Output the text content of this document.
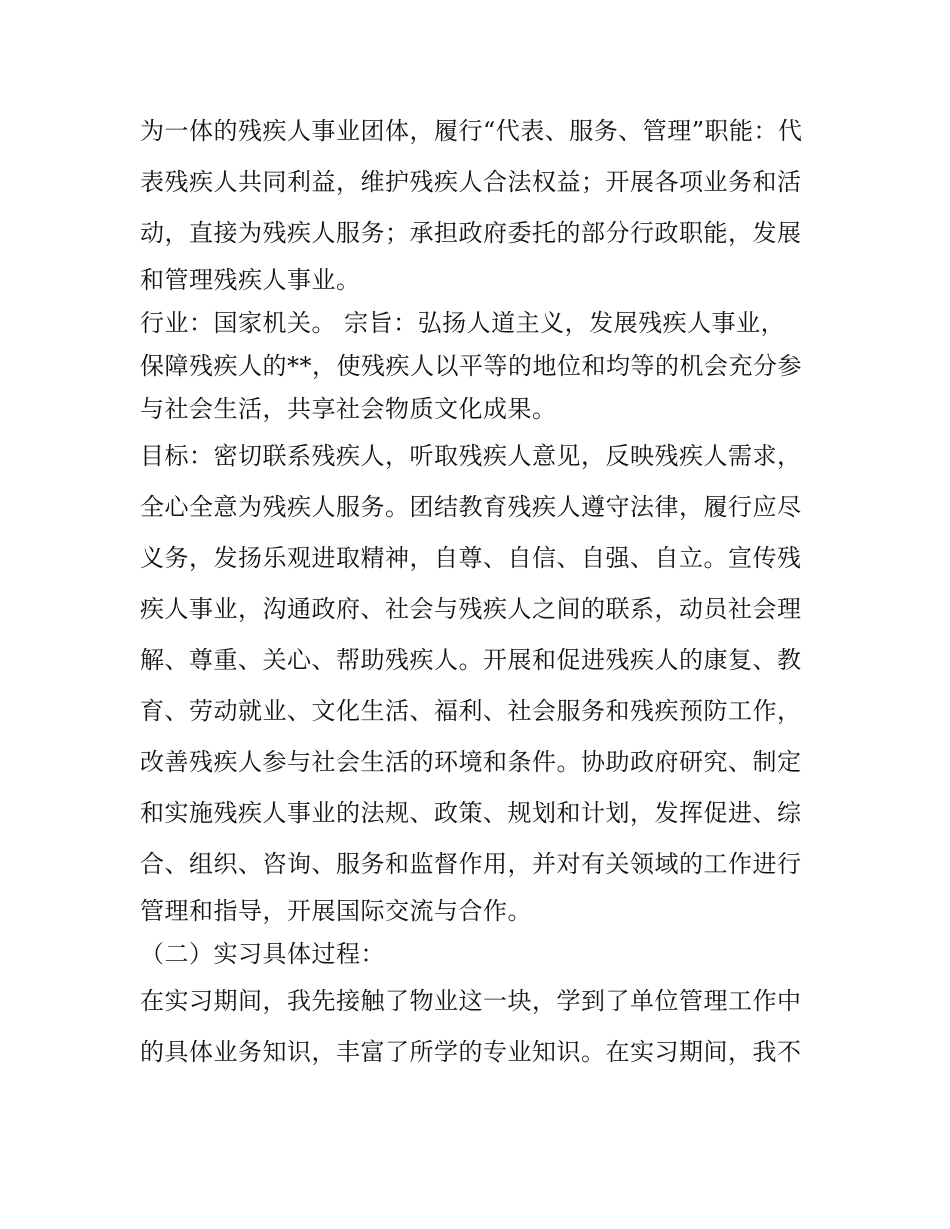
为一体的残疾人事业团体，履行“代表、服务、管理”职能：代
表残疾人共同利益，维护残疾人合法权益；开展各项业务和活
动，直接为残疾人服务；承担政府委托的部分行政职能，发展
和管理残疾人事业。
行业：国家机关。 宗旨：弘扬人道主义，发展残疾人事业，
保障残疾人的**，使残疾人以平等的地位和均等的机会充分参
与社会生活，共享社会物质文化成果。
目标：密切联系残疾人，听取残疾人意见，反映残疾人需求，
全心全意为残疾人服务。团结教育残疾人遵守法律，履行应尽
义务，发扬乐观进取精神，自尊、自信、自强、自立。宣传残
疾人事业，沟通政府、社会与残疾人之间的联系，动员社会理
解、尊重、关心、帮助残疾人。开展和促进残疾人的康复、教
育、劳动就业、文化生活、福利、社会服务和残疾预防工作，
改善残疾人参与社会生活的环境和条件。协助政府研究、制定
和实施残疾人事业的法规、政策、规划和计划，发挥促进、综
合、组织、咨询、服务和监督作用，并对有关领域的工作进行
管理和指导，开展国际交流与合作。
（二）实习具体过程：
在实习期间，我先接触了物业这一块，学到了单位管理工作中
的具体业务知识，丰富了所学的专业知识。在实习期间，我不
